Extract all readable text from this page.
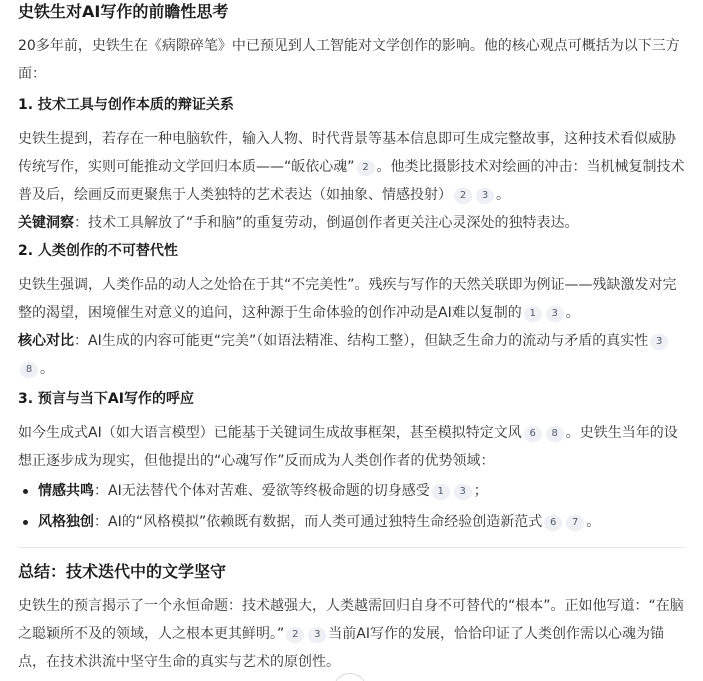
史铁生对AI写作的前瞻性思考

20多年前，史铁生在《病隙碎笔》中已预见到人工智能对文学创作的影响。他的核心观点可概括为以下三方面：

1. 技术工具与创作本质的辩证关系

史铁生提到，若存在一种电脑软件，输入人物、时代背景等基本信息即可生成完整故事，这种技术看似威胁传统写作，实则可能推动文学回归本质——“皈依心魂” 2 。他类比摄影技术对绘画的冲击：当机械复制技术普及后，绘画反而更聚焦于人类独特的艺术表达（如抽象、情感投射） 2 3 。

关键洞察：技术工具解放了“手和脑”的重复劳动，倒逼创作者更关注心灵深处的独特表达。

2. 人类创作的不可替代性

史铁生强调，人类作品的动人之处恰在于其“不完美性”。残疾与写作的天然关联即为例证——残缺激发对完整的渴望，困境催生对意义的追问，这种源于生命体验的创作冲动是AI难以复制的 1 3 。

核心对比：AI生成的内容可能更“完美”（如语法精准、结构工整），但缺乏生命力的流动与矛盾的真实性 38 。

3. 预言与当下AI写作的呼应

如今生成式AI（如大语言模型）已能基于关键词生成故事框架，甚至模拟特定文风 6 8 。史铁生当年的设想正逐步成为现实，但他提出的“心魂写作”反而成为人类创作者的优势领域：

情感共鸣：AI无法替代个体对苦难、爱欲等终极命题的切身感受 1 3 ；
风格独创：AI的“风格模拟”依赖既有数据，而人类可通过独特生命经验创造新范式 6 7 。
总结：技术迭代中的文学坚守

史铁生的预言揭示了一个永恒命题：技术越强大，人类越需回归自身不可替代的“根本”。正如他写道：“在脑之聪颖所不及的领域，人之根本更其鲜明。” 2 3 当前AI写作的发展，恰恰印证了人类创作需以心魂为锚点，在技术洪流中坚守生命的真实与艺术的原创性。
